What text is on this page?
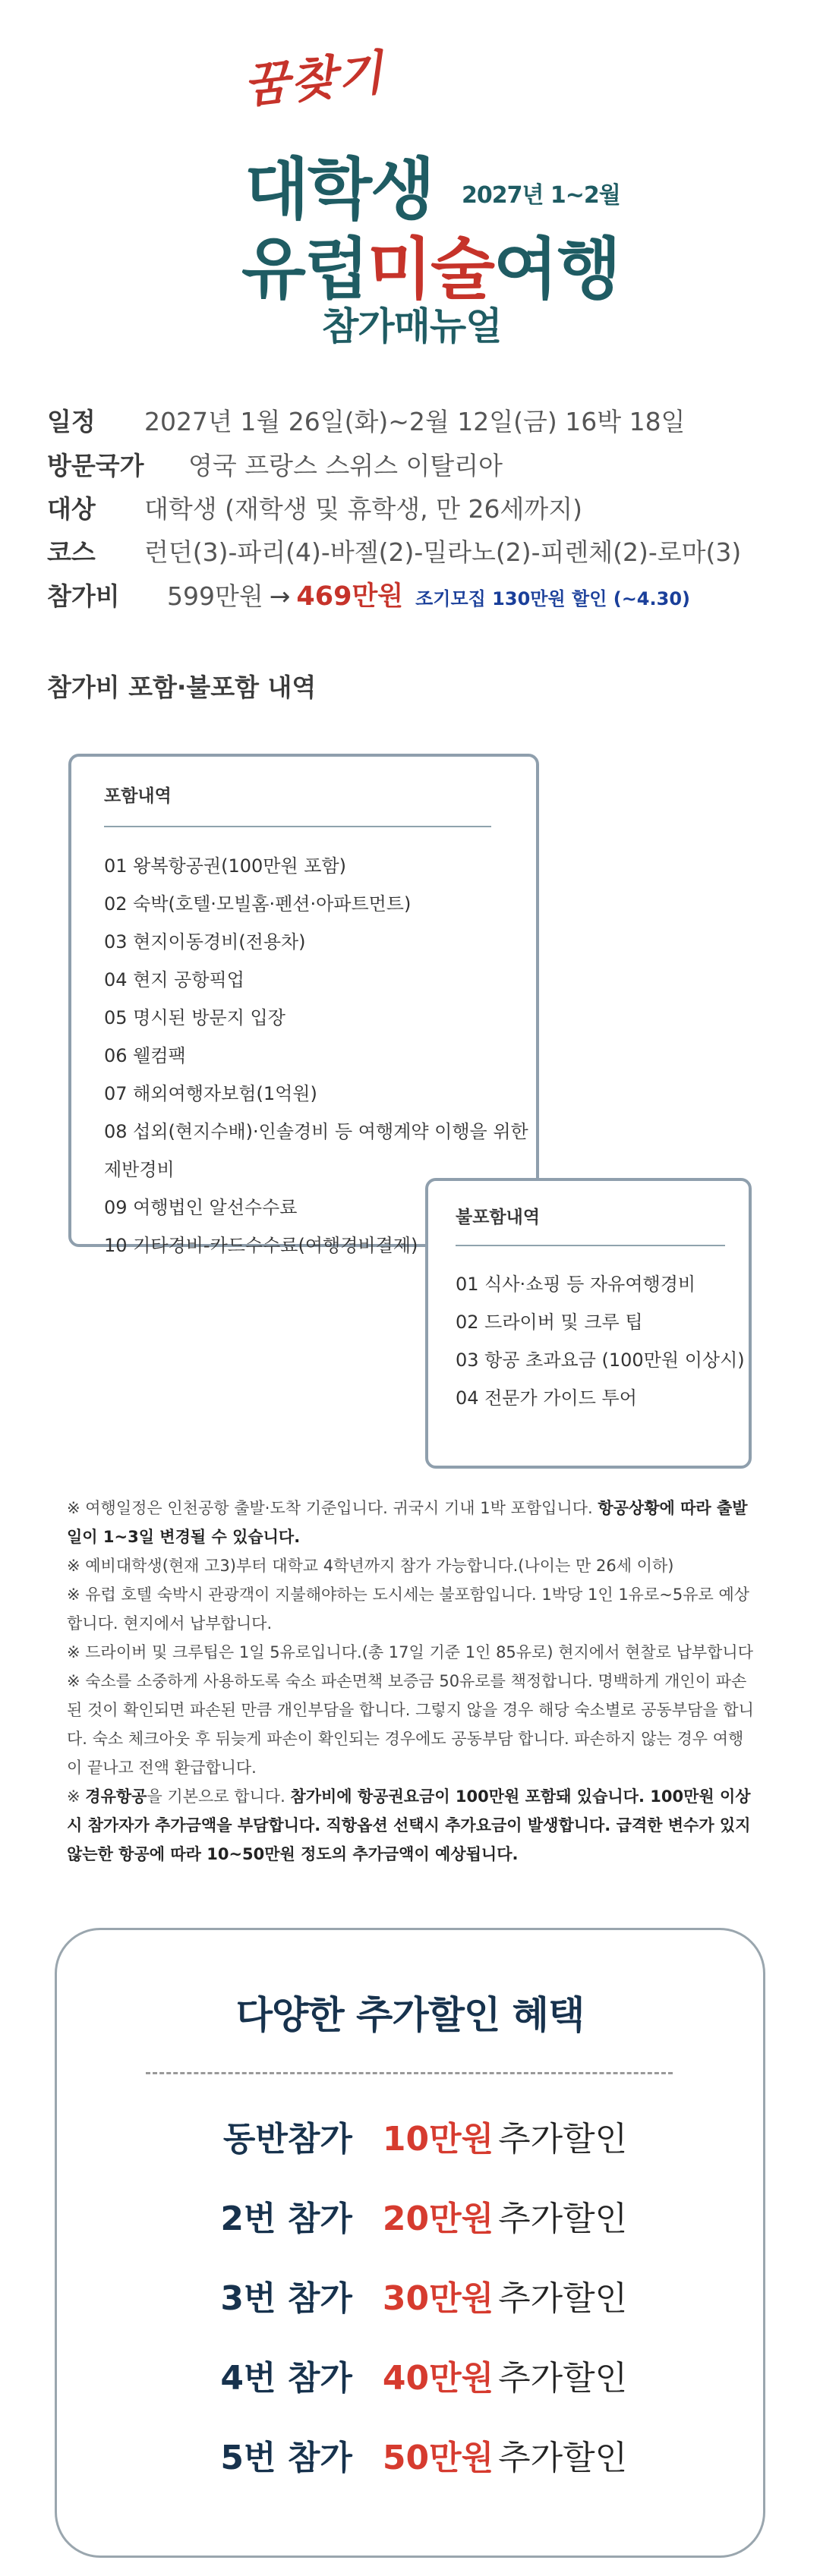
꿈찾기
대학생 2027년 1~2월
유럽미술여행
참가매뉴얼
일정	2027년 1월 26일(화)~2월 12일(금) 16박 18일
방문국가	영국 프랑스 스위스 이탈리아
대상	대학생 (재학생 및 휴학생, 만 26세까지)
코스	런던(3)-파리(4)-바젤(2)-밀라노(2)-피렌체(2)-로마(3)
참가비	599만원 → 469만원 조기모집 130만원 할인 (~4.30)
참가비 포함·불포함 내역
포함내역
01 왕복항공권(100만원 포함)
02 숙박(호텔·모빌홈·펜션·아파트먼트)
03 현지이동경비(전용차)
04 현지 공항픽업
05 명시된 방문지 입장
06 웰컴팩
07 해외여행자보험(1억원)
08 섭외(현지수배)·인솔경비 등 여행계약 이행을 위한
제반경비
09 여행법인 알선수수료
10 기타경비-카드수수료(여행경비결제)
불포함내역
01 식사·쇼핑 등 자유여행경비
02 드라이버 및 크루 팁
03 항공 초과요금 (100만원 이상시)
04 전문가 가이드 투어

※ 여행일정은 인천공항 출발·도착 기준입니다. 귀국시 기내 1박 포함입니다. 항공상황에 따라 출발일이 1~3일 변경될 수 있습니다.

※ 예비대학생(현재 고3)부터 대학교 4학년까지 참가 가능합니다.(나이는 만 26세 이하)

※ 유럽 호텔 숙박시 관광객이 지불해야하는 도시세는 불포함입니다. 1박당 1인 1유로~5유로 예상합니다. 현지에서 납부합니다.

※ 드라이버 및 크루팁은 1일 5유로입니다.(총 17일 기준 1인 85유로) 현지에서 현찰로 납부합니다

※ 숙소를 소중하게 사용하도록 숙소 파손면책 보증금 50유로를 책정합니다. 명백하게 개인이 파손된 것이 확인되면 파손된 만큼 개인부담을 합니다. 그렇지 않을 경우 해당 숙소별로 공동부담을 합니다. 숙소 체크아웃 후 뒤늦게 파손이 확인되는 경우에도 공동부담 합니다. 파손하지 않는 경우 여행이 끝나고 전액 환급합니다.

※ 경유항공을 기본으로 합니다. 참가비에 항공권요금이 100만원 포함돼 있습니다. 100만원 이상시 참가자가 추가금액을 부담합니다. 직항옵션 선택시 추가요금이 발생합니다. 급격한 변수가 있지 않는한 항공에 따라 10~50만원 정도의 추가금액이 예상됩니다.

다양한 추가할인 혜택
동반참가 10만원 추가할인
2번 참가 20만원 추가할인
3번 참가 30만원 추가할인
4번 참가 40만원 추가할인
5번 참가 50만원 추가할인
